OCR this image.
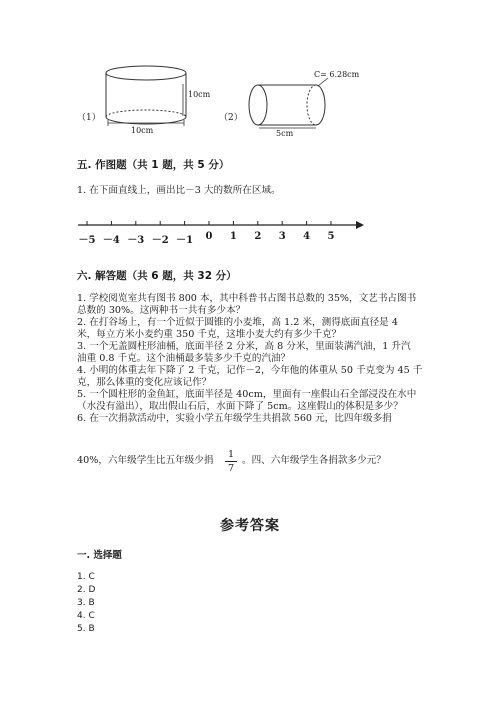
（1）
10cm
10cm
（2）
C= 6.28cm
5cm
五. 作图题（共 1 题，共 5 分）
1. 在下面直线上，画出比－3 大的数所在区域。
－5 －4 －3 －2 －1	0	1	2	3	4	5
六. 解答题（共 6 题，共 32 分）
1. 学校阅览室共有图书 800 本，其中科普书占图书总数的 35%，文艺书占图书
总数的 30%。这两种书一共有多少本？
2. 在打谷场上，有一个近似于圆锥的小麦堆，高 1.2 米，测得底面直径是 4
米，每立方米小麦约重 350 千克，这堆小麦大约有多少千克？
3. 一个无盖圆柱形油桶，底面半径 2 分米，高 8 分米，里面装满汽油，1 升汽
油重 0.8 千克。这个油桶最多装多少千克的汽油？
4. 小明的体重去年下降了 2 千克，记作－2，今年他的体重从 50 千克变为 45 千
克，那么体重的变化应该记作？
5. 一个圆柱形的金鱼缸，底面半径是 40cm，里面有一座假山石全部浸没在水中
（水没有溢出），取出假山石后，水面下降了 5cm。这座假山的体积是多少？
6. 在一次捐款活动中，实验小学五年级学生共捐款 560 元，比四年级多捐
40%，六年级学生比五年级少捐
1
7
。四、六年级学生各捐款多少元？
参考答案
一. 选择题
1. C
2. D
3. B
4. C
5. B
